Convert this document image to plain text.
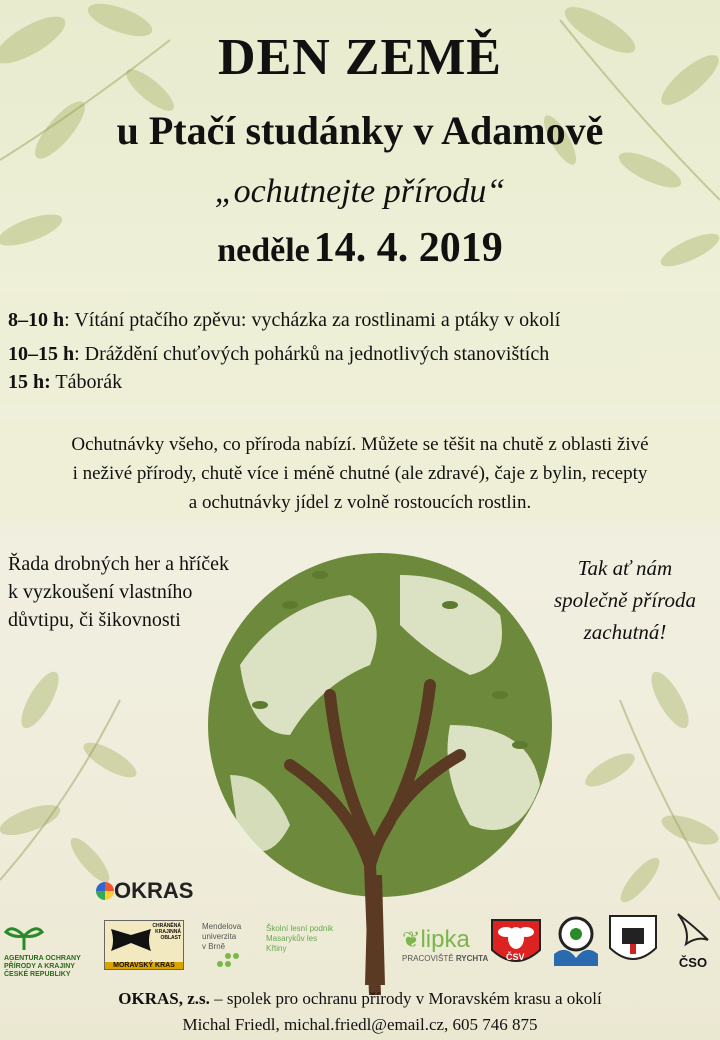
DEN ZEMĚ
u Ptačí studánky v Adamově
„ochutnejte přírodu“
neděle 14. 4. 2019
8–10 h: Vítání ptačího zpěvu: vycházka za rostlinami a ptáky v okolí
10–15 h: Dráždění chuťových pohárků na jednotlivých stanovištích
15 h: Táborák
Ochutnávky všeho, co příroda nabízí. Můžete se těšit na chutě z oblasti živé
i neživé přírody, chutě více i méně chutné (ale zdravé), čaje z bylin, recepty
a ochutnávky jídel z volně rostoucích rostlin.
Řada drobných her a hříček
k vyzkoušení vlastního
důvtipu, či šikovnosti
Tak ať nám
společně příroda
zachutná!
OKRAS
AGENTURA OCHRANY
PŘÍRODY A KRAJINY
ČESKÉ REPUBLIKY
CHRÁNĚNÁ
KRAJINNÁ
OBLAST
MORAVSKÝ KRAS
Mendelova
univerzita
v Brně
Školní lesní podnik
Masarykův les
Křtiny	❦lipka
PRACOVIŠTĚ RYCHTA ČSV	ČSO
OKRAS, z.s. – spolek pro ochranu přírody v Moravském krasu a okolí
Michal Friedl, michal.friedl@email.cz, 605 746 875
